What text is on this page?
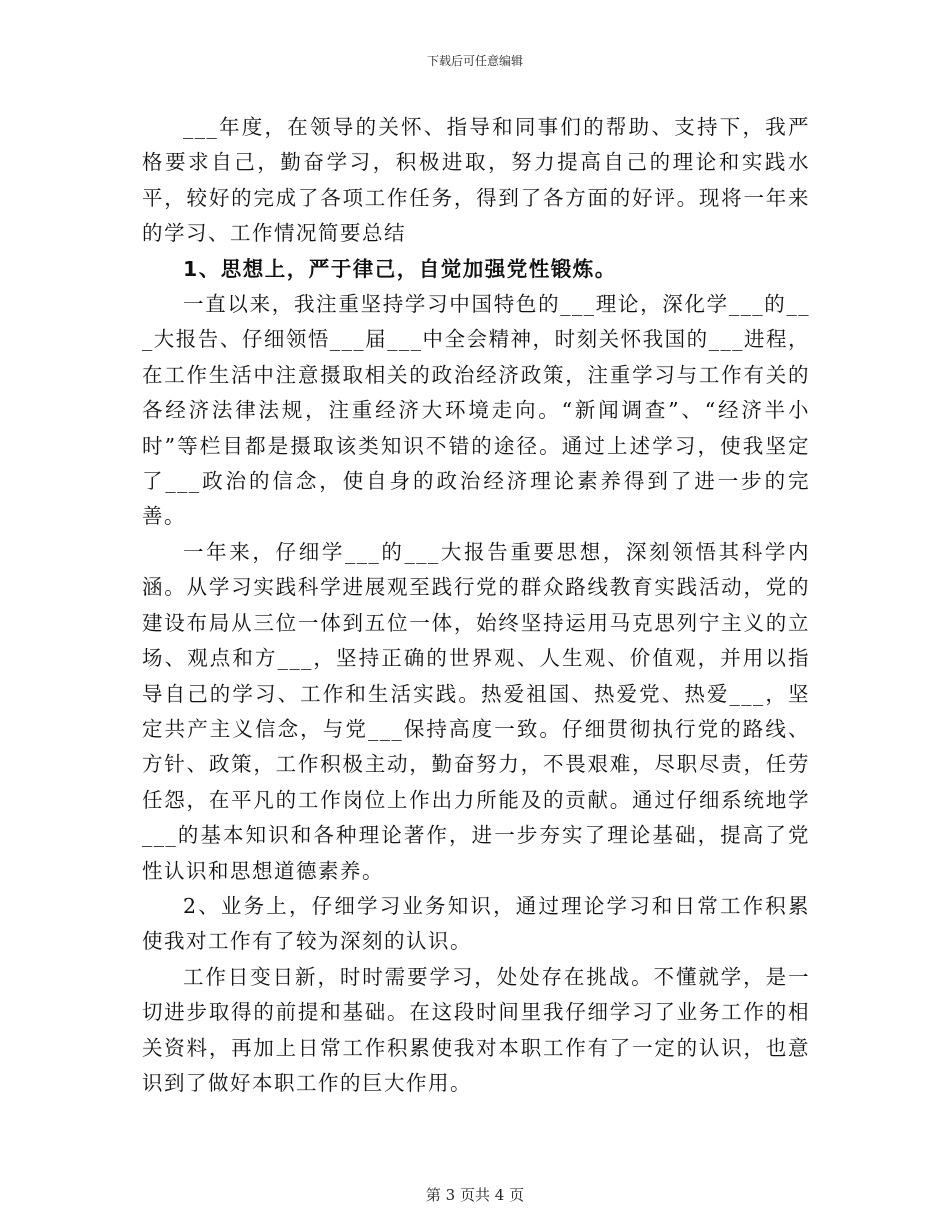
下载后可任意编辑

___年度，在领导的关怀、指导和同事们的帮助、支持下，我严格要求自己，勤奋学习，积极进取，努力提高自己的理论和实践水平，较好的完成了各项工作任务，得到了各方面的好评。现将一年来的学习、工作情况简要总结

1、思想上，严于律己，自觉加强党性锻炼。

一直以来，我注重坚持学习中国特色的___理论，深化学___的___大报告、仔细领悟___届___中全会精神，时刻关怀我国的___进程，在工作生活中注意摄取相关的政治经济政策，注重学习与工作有关的各经济法律法规，注重经济大环境走向。“新闻调查”、“经济半小时”等栏目都是摄取该类知识不错的途径。通过上述学习，使我坚定了___政治的信念，使自身的政治经济理论素养得到了进一步的完善。

一年来，仔细学___的___大报告重要思想，深刻领悟其科学内涵。从学习实践科学进展观至践行党的群众路线教育实践活动，党的建设布局从三位一体到五位一体，始终坚持运用马克思列宁主义的立场、观点和方___，坚持正确的世界观、人生观、价值观，并用以指导自己的学习、工作和生活实践。热爱祖国、热爱党、热爱___，坚定共产主义信念，与党___保持高度一致。仔细贯彻执行党的路线、方针、政策，工作积极主动，勤奋努力，不畏艰难，尽职尽责，任劳任怨，在平凡的工作岗位上作出力所能及的贡献。通过仔细系统地学___的基本知识和各种理论著作，进一步夯实了理论基础，提高了党性认识和思想道德素养。

2、业务上，仔细学习业务知识，通过理论学习和日常工作积累使我对工作有了较为深刻的认识。

工作日变日新，时时需要学习，处处存在挑战。不懂就学，是一切进步取得的前提和基础。在这段时间里我仔细学习了业务工作的相关资料，再加上日常工作积累使我对本职工作有了一定的认识，也意识到了做好本职工作的巨大作用。

第 3 页共 4 页
